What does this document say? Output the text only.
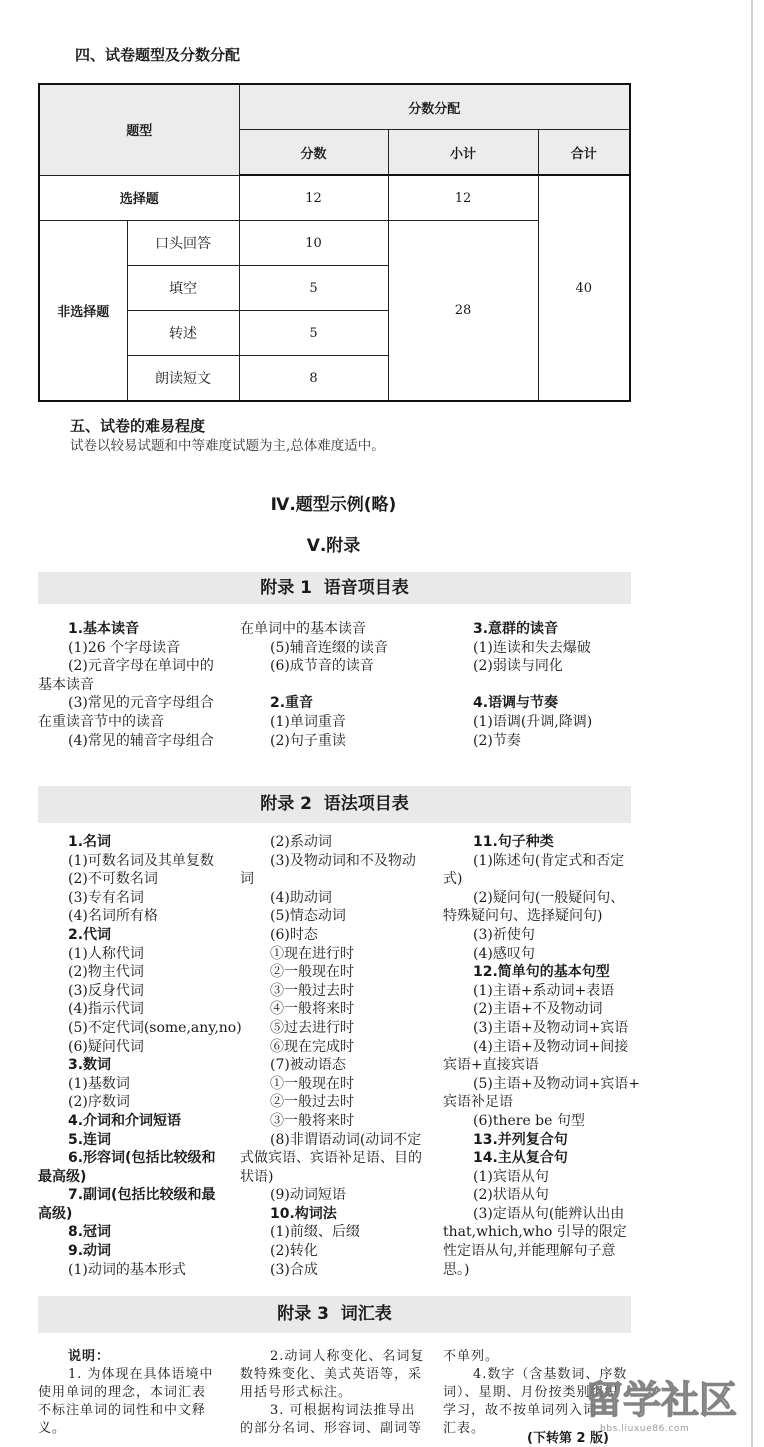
四、试卷题型及分数分配
题型		分数分配		
		分数	小计	合计
选择题		12	12	40
非选择题	口头回答	10	28	
	填空	5		
	转述	5		
	朗读短文	8		
五、试卷的难易程度
试卷以较易试题和中等难度试题为主,总体难度适中。
Ⅳ.题型示例(略)
Ⅴ.附录
附录 1  语音项目表
1.基本读音
(1)26 个字母读音
(2)元音字母在单词中的
基本读音
(3)常见的元音字母组合
在重读音节中的读音
(4)常见的辅音字母组合
在单词中的基本读音
(5)辅音连缀的读音
(6)成节音的读音
2.重音
(1)单词重音
(2)句子重读
3.意群的读音
(1)连读和失去爆破
(2)弱读与同化
4.语调与节奏
(1)语调(升调,降调)
(2)节奏
附录 2  语法项目表
1.名词
(1)可数名词及其单复数
(2)不可数名词
(3)专有名词
(4)名词所有格
2.代词
(1)人称代词
(2)物主代词
(3)反身代词
(4)指示代词
(5)不定代词(some,any,no)
(6)疑问代词
3.数词
(1)基数词
(2)序数词
4.介词和介词短语
5.连词
6.形容词(包括比较级和
最高级)
7.副词(包括比较级和最
高级)
8.冠词
9.动词
(1)动词的基本形式
(2)系动词
(3)及物动词和不及物动
词
(4)助动词
(5)情态动词
(6)时态
①现在进行时
②一般现在时
③一般过去时
④一般将来时
⑤过去进行时
⑥现在完成时
(7)被动语态
①一般现在时
②一般过去时
③一般将来时
(8)非谓语动词(动词不定
式做宾语、宾语补足语、目的
状语)
(9)动词短语
10.构词法
(1)前缀、后缀
(2)转化
(3)合成
11.句子种类
(1)陈述句(肯定式和否定
式)
(2)疑问句(一般疑问句、
特殊疑问句、选择疑问句)
(3)祈使句
(4)感叹句
12.简单句的基本句型
(1)主语+系动词+表语
(2)主语+不及物动词
(3)主语+及物动词+宾语
(4)主语+及物动词+间接
宾语+直接宾语
(5)主语+及物动词+宾语+
宾语补足语
(6)there be 句型
13.并列复合句
14.主从复合句
(1)宾语从句
(2)状语从句
(3)定语从句(能辨认出由
that,which,who 引导的限定
性定语从句,并能理解句子意
思。)
附录 3  词汇表
说明：
1. 为体现在具体语境中
使用单词的理念，本词汇表
不标注单词的词性和中文释
义。
2.动词人称变化、名词复
数特殊变化、美式英语等，采
用括号形式标注。
3. 可根据构词法推导出
的部分名词、形容词、副词等
不单列。
4.数字（含基数词、序数
词）、星期、月份按类别组织
学习，故不按单词列入词
汇表。
(下转第 2 版)
留学社区
bbs.liuxue86.com
